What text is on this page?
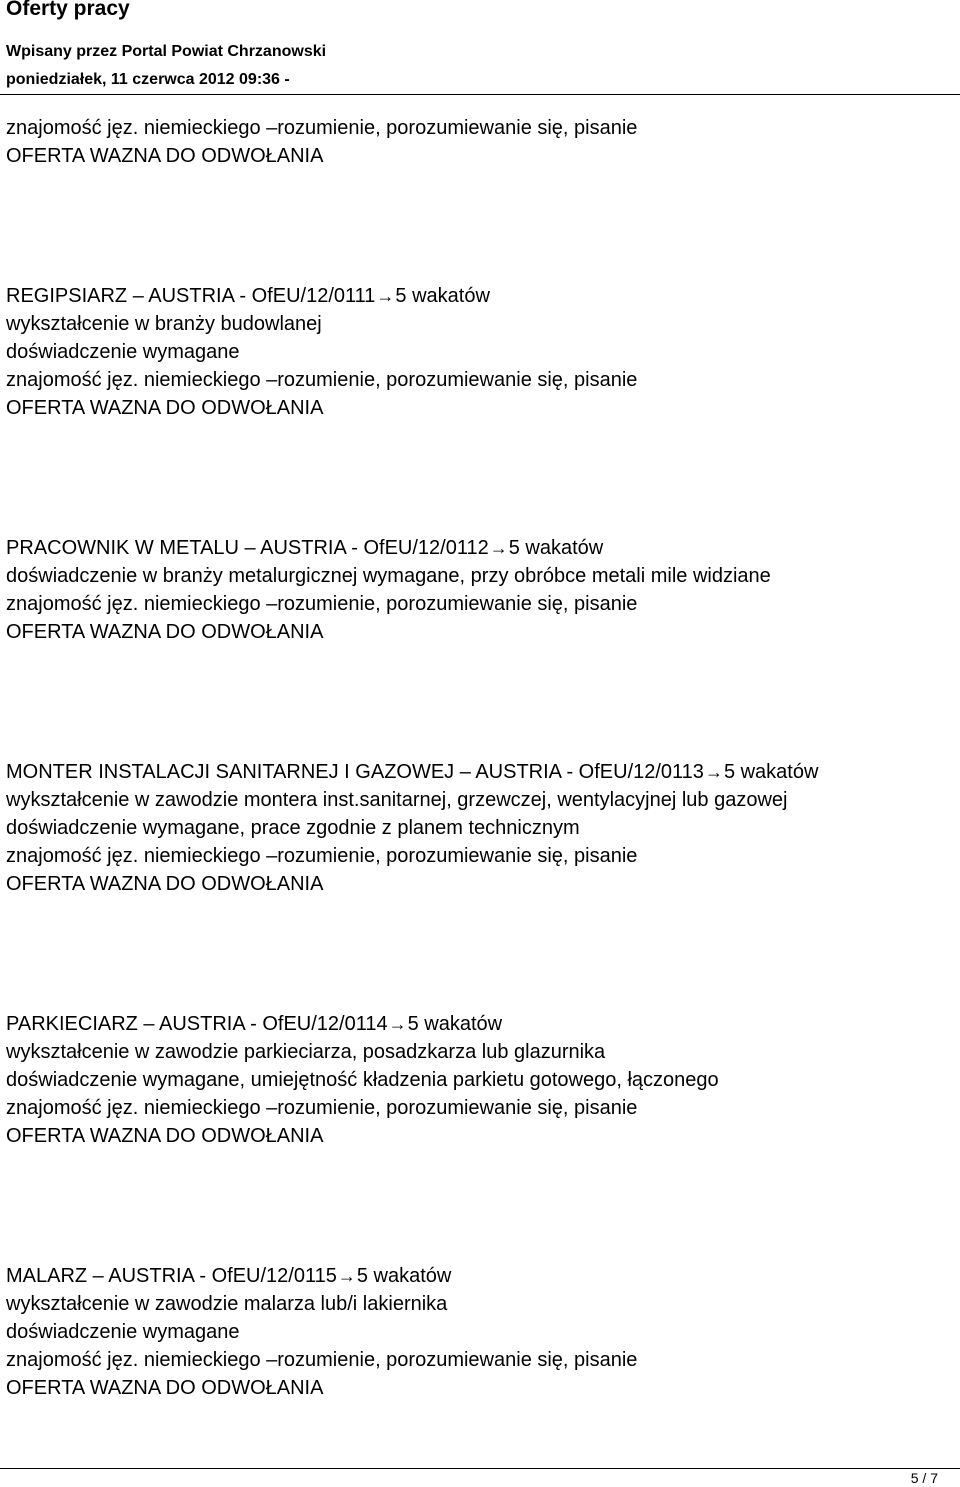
Oferty pracy
Wpisany przez Portal Powiat Chrzanowski
poniedziałek, 11 czerwca 2012 09:36 -
znajomość jęz. niemieckiego –rozumienie, porozumiewanie się, pisanie
OFERTA WAZNA DO ODWOŁANIA
REGIPSIARZ – AUSTRIA - OfEU/12/0111→5 wakatów
wykształcenie w branży budowlanej
doświadczenie wymagane
znajomość jęz. niemieckiego –rozumienie, porozumiewanie się, pisanie
OFERTA WAZNA DO ODWOŁANIA
PRACOWNIK W METALU – AUSTRIA - OfEU/12/0112→5 wakatów
doświadczenie w branży metalurgicznej wymagane, przy obróbce metali mile widziane
znajomość jęz. niemieckiego –rozumienie, porozumiewanie się, pisanie
OFERTA WAZNA DO ODWOŁANIA
MONTER INSTALACJI SANITARNEJ I GAZOWEJ – AUSTRIA - OfEU/12/0113→5 wakatów
wykształcenie w zawodzie montera inst.sanitarnej, grzewczej, wentylacyjnej lub gazowej
doświadczenie wymagane, prace zgodnie z planem technicznym
znajomość jęz. niemieckiego –rozumienie, porozumiewanie się, pisanie
OFERTA WAZNA DO ODWOŁANIA
PARKIECIARZ – AUSTRIA - OfEU/12/0114→5 wakatów
wykształcenie w zawodzie parkieciarza, posadzkarza lub glazurnika
doświadczenie wymagane, umiejętność kładzenia parkietu gotowego, łączonego
znajomość jęz. niemieckiego –rozumienie, porozumiewanie się, pisanie
OFERTA WAZNA DO ODWOŁANIA
MALARZ – AUSTRIA - OfEU/12/0115→5 wakatów
wykształcenie w zawodzie malarza lub/i lakiernika
doświadczenie wymagane
znajomość jęz. niemieckiego –rozumienie, porozumiewanie się, pisanie
OFERTA WAZNA DO ODWOŁANIA
5 / 7
